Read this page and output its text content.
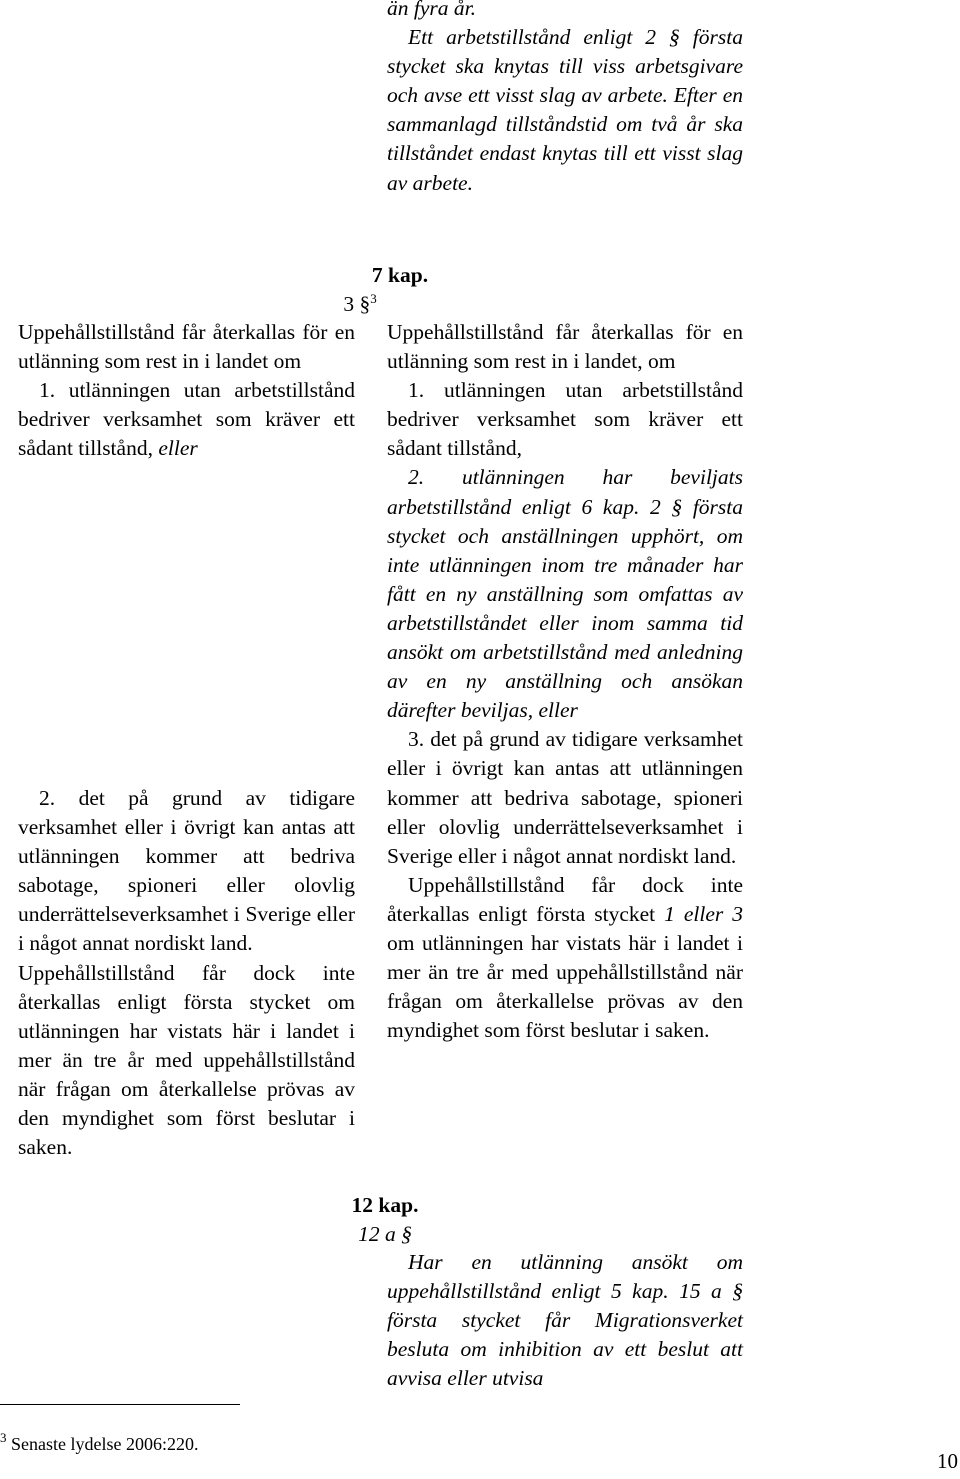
än fyra år.

Ett arbetstillstånd enligt 2 § första stycket ska knytas till viss arbetsgivare och avse ett visst slag av arbete. Efter en sammanlagd tillståndstid om två år ska tillståndet endast knytas till ett visst slag av arbete.

7 kap.
3 §$^3$

Uppehållstillstånd får återkallas för en utlänning som rest in i landet om

1. utlänningen utan arbetstillstånd bedriver verksamhet som kräver ett sådant tillstånd, eller

2. det på grund av tidigare verksamhet eller i övrigt kan antas att utlänningen kommer att bedriva sabotage, spioneri eller olovlig underrättelseverksamhet i Sverige eller i något annat nordiskt land.

Uppehållstillstånd får dock inte återkallas enligt första stycket om utlänningen har vistats här i landet i mer än tre år med uppehållstillstånd när frågan om återkallelse prövas av den myndighet som först beslutar i saken.

Uppehållstillstånd får återkallas för en utlänning som rest in i landet, om

1. utlänningen utan arbetstillstånd bedriver verksamhet som kräver ett sådant tillstånd,

2. utlänningen har beviljats arbetstillstånd enligt 6 kap. 2 § första stycket och anställningen upphört, om inte utlänningen inom tre månader har fått en ny anställning som omfattas av arbetstillståndet eller inom samma tid ansökt om arbetstillstånd med anledning av en ny anställning och ansökan därefter beviljas, eller

3. det på grund av tidigare verksamhet eller i övrigt kan antas att utlänningen kommer att bedriva sabotage, spioneri eller olovlig underrättelseverksamhet i Sverige eller i något annat nordiskt land.

Uppehållstillstånd får dock inte återkallas enligt första stycket 1 eller 3 om utlänningen har vistats här i landet i mer än tre år med uppehållstillstånd när frågan om återkallelse prövas av den myndighet som först beslutar i saken.

12 kap.
12 a §

Har en utlänning ansökt om uppehållstillstånd enligt 5 kap. 15 a § första stycket får Migrationsverket besluta om inhibition av ett beslut att avvisa eller utvisa

$^3$ Senaste lydelse 2006:220.
10
